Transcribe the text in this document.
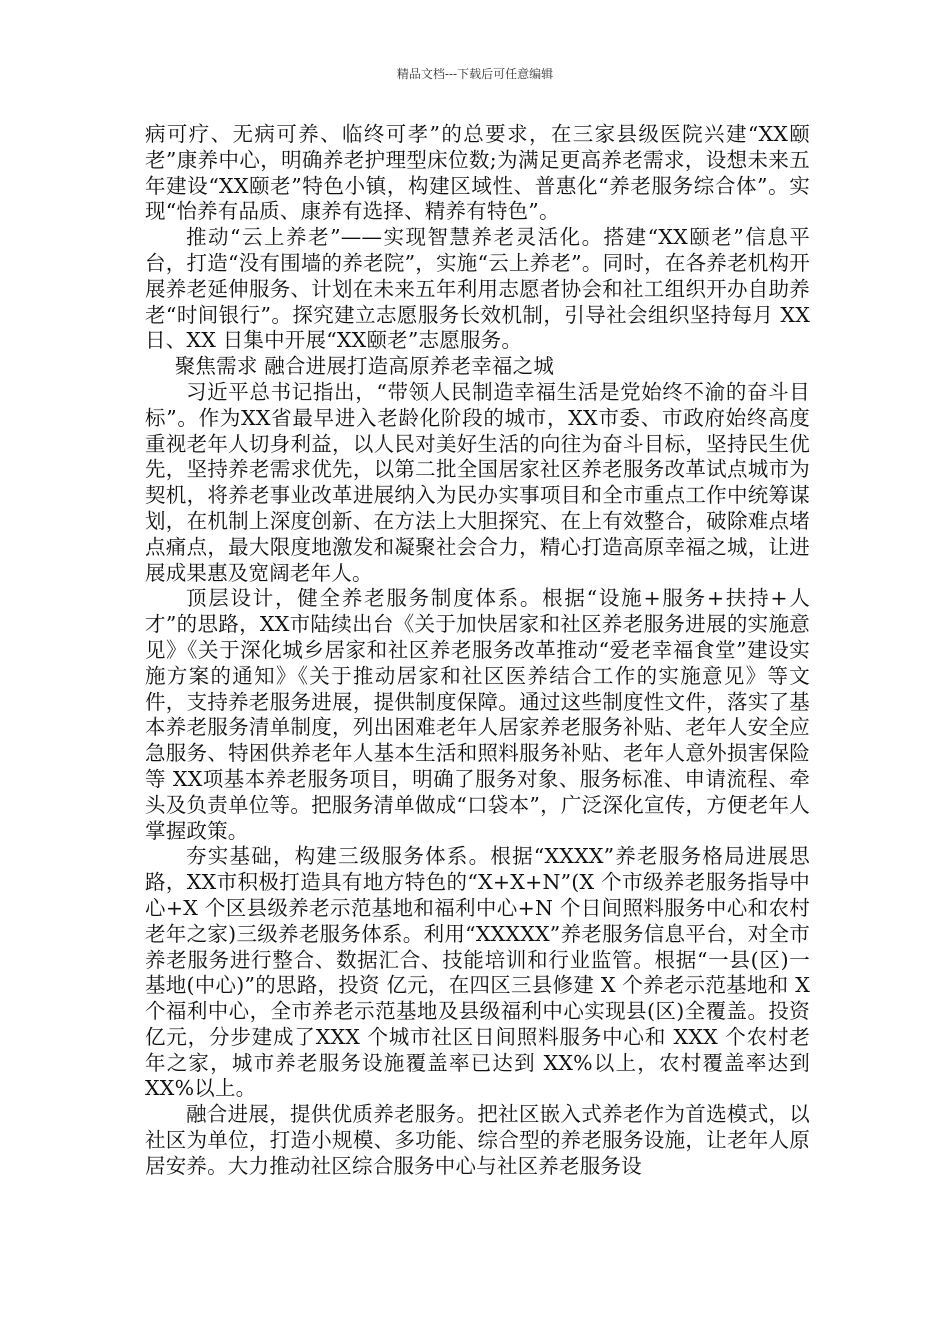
精品文档---下载后可任意编辑

病可疗、无病可养、临终可孝”的总要求，在三家县级医院兴建“XX颐老”康养中心，明确养老护理型床位数;为满足更高养老需求，设想未来五年建设“XX颐老”特色小镇，构建区域性、普惠化“养老服务综合体”。实现“怡养有品质、康养有选择、精养有特色”。

推动“云上养老”——实现智慧养老灵活化。搭建“XX颐老”信息平台，打造“没有围墙的养老院”，实施“云上养老”。同时，在各养老机构开展养老延伸服务、计划在未来五年利用志愿者协会和社工组织开办自助养老“时间银行”。探究建立志愿服务长效机制，引导社会组织坚持每月 XX 日、XX 日集中开展“XX颐老”志愿服务。

聚焦需求 融合进展打造高原养老幸福之城

习近平总书记指出，“带领人民制造幸福生活是党始终不渝的奋斗目标”。作为XX省最早进入老龄化阶段的城市，XX市委、市政府始终高度重视老年人切身利益，以人民对美好生活的向往为奋斗目标，坚持民生优先，坚持养老需求优先，以第二批全国居家社区养老服务改革试点城市为契机，将养老事业改革进展纳入为民办实事项目和全市重点工作中统筹谋划，在机制上深度创新、在方法上大胆探究、在上有效整合，破除难点堵点痛点，最大限度地激发和凝聚社会合力，精心打造高原幸福之城，让进展成果惠及宽阔老年人。

顶层设计，健全养老服务制度体系。根据“设施+服务+扶持+人才”的思路，XX市陆续出台《关于加快居家和社区养老服务进展的实施意见》《关于深化城乡居家和社区养老服务改革推动“爱老幸福食堂”建设实施方案的通知》《关于推动居家和社区医养结合工作的实施意见》等文件，支持养老服务进展，提供制度保障。通过这些制度性文件，落实了基本养老服务清单制度，列出困难老年人居家养老服务补贴、老年人安全应急服务、特困供养老年人基本生活和照料服务补贴、老年人意外损害保险等 XX项基本养老服务项目，明确了服务对象、服务标准、申请流程、牵头及负责单位等。把服务清单做成“口袋本”，广泛深化宣传，方便老年人掌握政策。

夯实基础，构建三级服务体系。根据“XXXX”养老服务格局进展思路，XX市积极打造具有地方特色的“X+X+N”(X 个市级养老服务指导中心+X 个区县级养老示范基地和福利中心+N 个日间照料服务中心和农村老年之家)三级养老服务体系。利用“XXXXX”养老服务信息平台，对全市养老服务进行整合、数据汇合、技能培训和行业监管。根据“一县(区)一基地(中心)”的思路，投资 亿元，在四区三县修建 X 个养老示范基地和 X 个福利中心，全市养老示范基地及县级福利中心实现县(区)全覆盖。投资 亿元，分步建成了XXX 个城市社区日间照料服务中心和 XXX 个农村老年之家，城市养老服务设施覆盖率已达到 XX%以上，农村覆盖率达到 XX%以上。

融合进展，提供优质养老服务。把社区嵌入式养老作为首选模式，以社区为单位，打造小规模、多功能、综合型的养老服务设施，让老年人原居安养。大力推动社区综合服务中心与社区养老服务设
